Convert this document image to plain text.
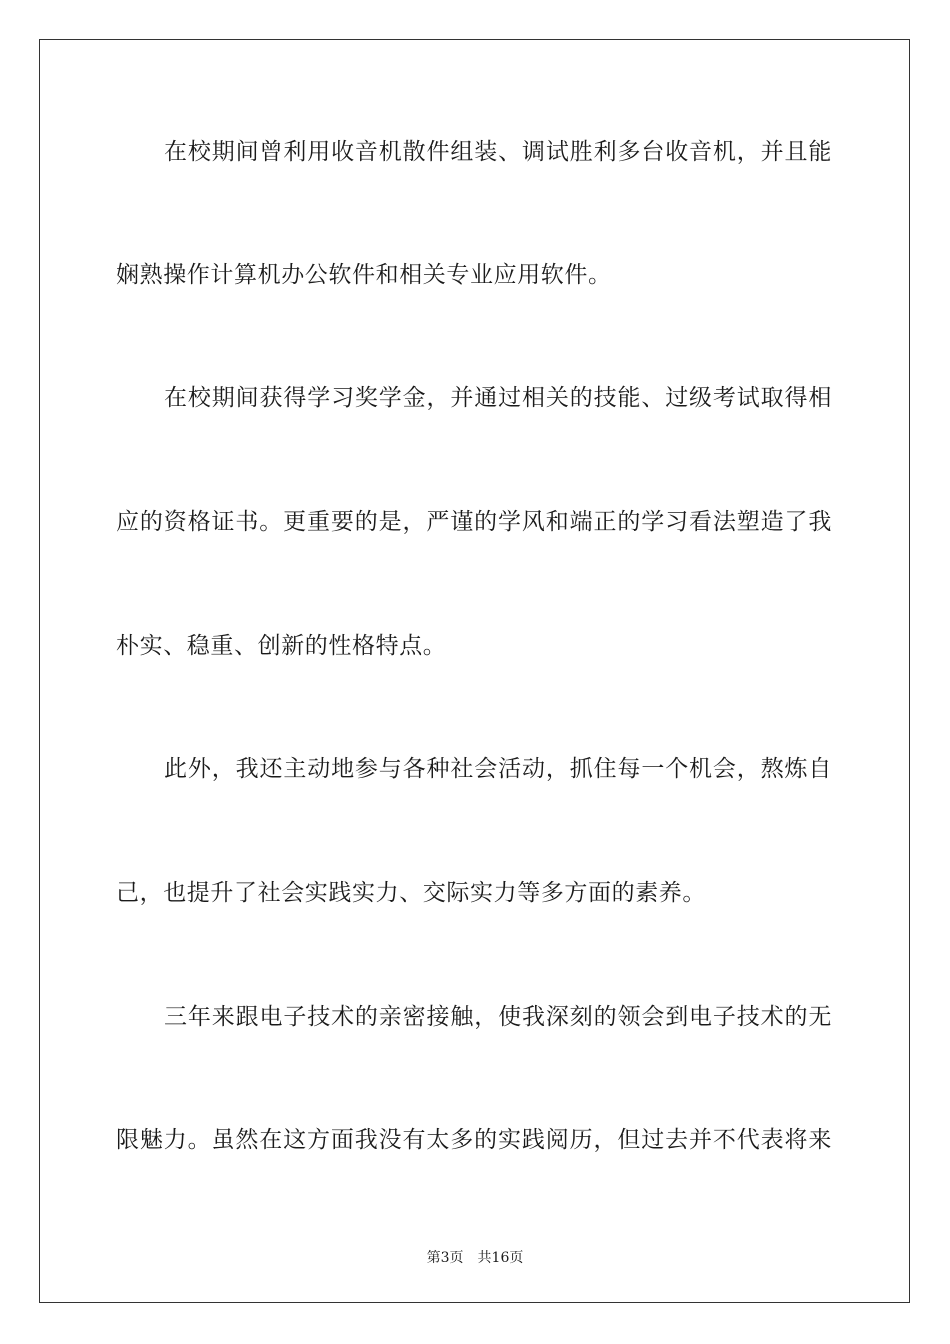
在校期间曾利用收音机散件组装、调试胜利多台收音机，并且能
娴熟操作计算机办公软件和相关专业应用软件。
在校期间获得学习奖学金，并通过相关的技能、过级考试取得相
应的资格证书。更重要的是，严谨的学风和端正的学习看法塑造了我
朴实、稳重、创新的性格特点。
此外，我还主动地参与各种社会活动，抓住每一个机会，熬炼自
己，也提升了社会实践实力、交际实力等多方面的素养。
三年来跟电子技术的亲密接触，使我深刻的领会到电子技术的无
限魅力。虽然在这方面我没有太多的实践阅历，但过去并不代表将来
第3页 共16页
